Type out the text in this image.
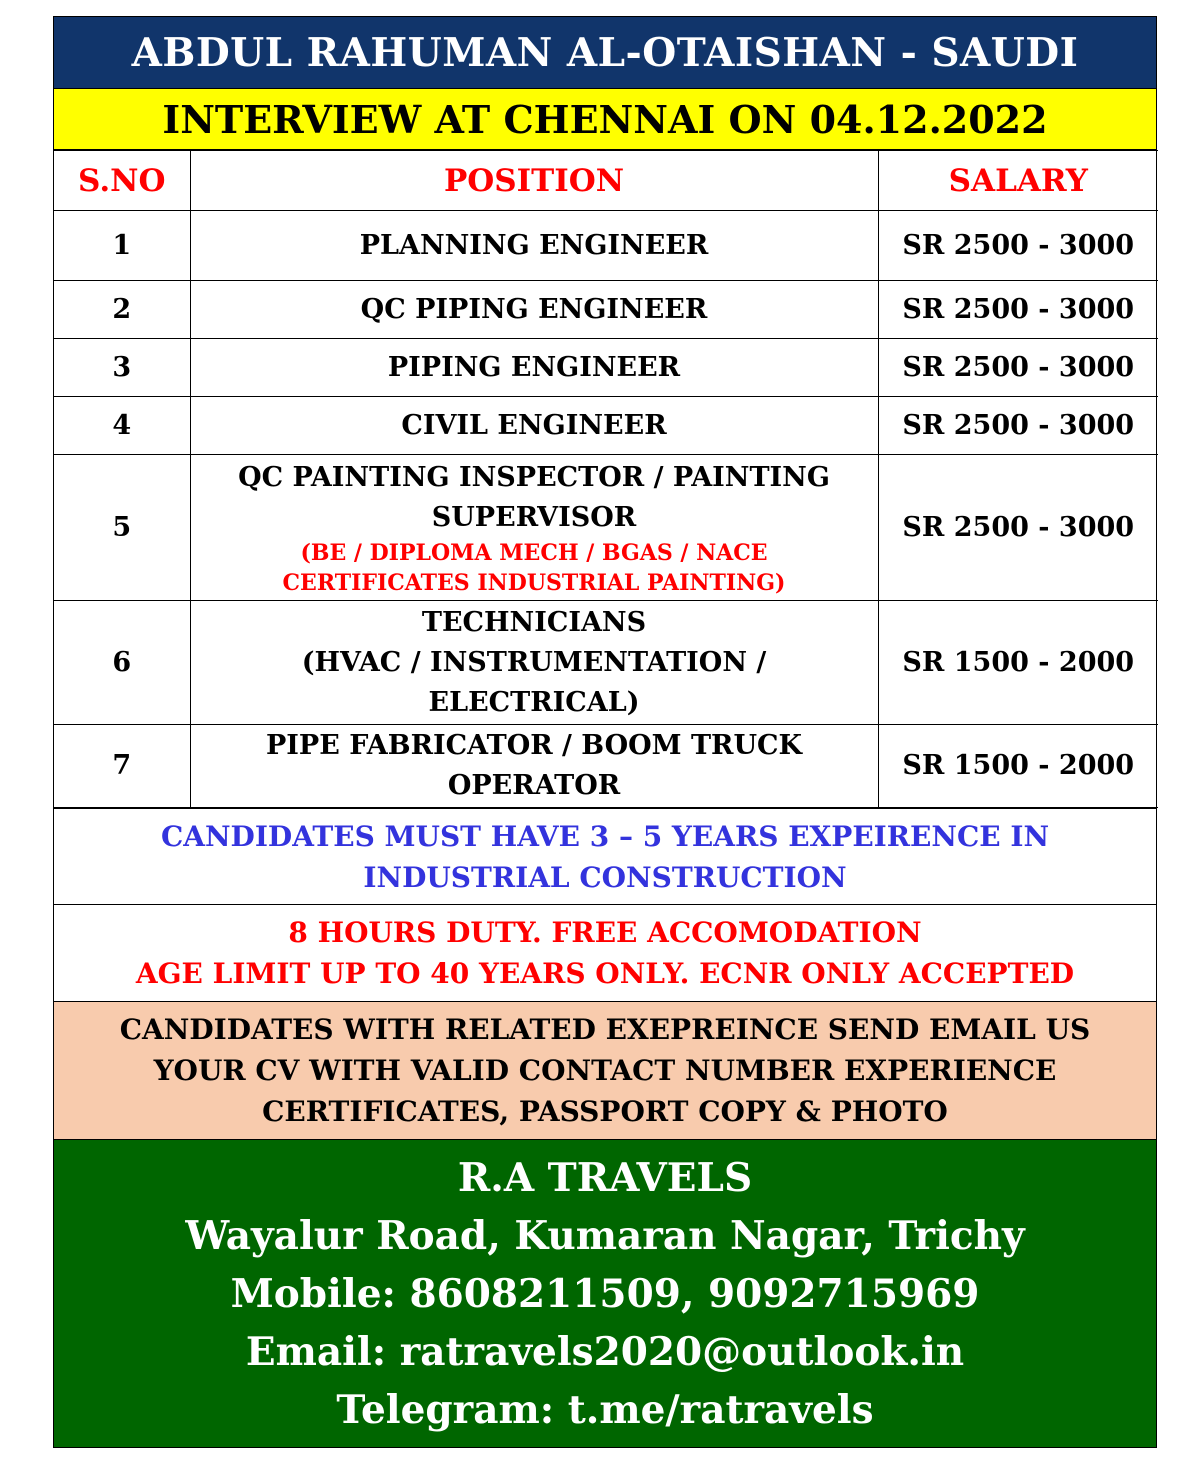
ABDUL RAHUMAN AL-OTAISHAN - SAUDI
INTERVIEW AT CHENNAI ON 04.12.2022
S.NO	POSITION	SALARY
1	PLANNING ENGINEER	SR 2500 - 3000
2	QC PIPING ENGINEER	SR 2500 - 3000
3	PIPING ENGINEER	SR 2500 - 3000
4	CIVIL ENGINEER	SR 2500 - 3000
5	QC PAINTING INSPECTOR / PAINTING
SUPERVISOR
(BE / DIPLOMA MECH / BGAS / NACE
CERTIFICATES INDUSTRIAL PAINTING)	SR 2500 - 3000
6	TECHNICIANS
(HVAC / INSTRUMENTATION /
ELECTRICAL)	SR 1500 - 2000
7	PIPE FABRICATOR / BOOM TRUCK
OPERATOR	SR 1500 - 2000
CANDIDATES MUST HAVE 3 – 5 YEARS EXPEIRENCE IN
INDUSTRIAL CONSTRUCTION
8 HOURS DUTY. FREE ACCOMODATION
AGE LIMIT UP TO 40 YEARS ONLY. ECNR ONLY ACCEPTED
CANDIDATES WITH RELATED EXEPREINCE SEND EMAIL US
YOUR CV WITH VALID CONTACT NUMBER EXPERIENCE
CERTIFICATES, PASSPORT COPY & PHOTO
R.A TRAVELS
Wayalur Road, Kumaran Nagar, Trichy
Mobile: 8608211509, 9092715969
Email: ratravels2020@outlook.in
Telegram: t.me/ratravels
